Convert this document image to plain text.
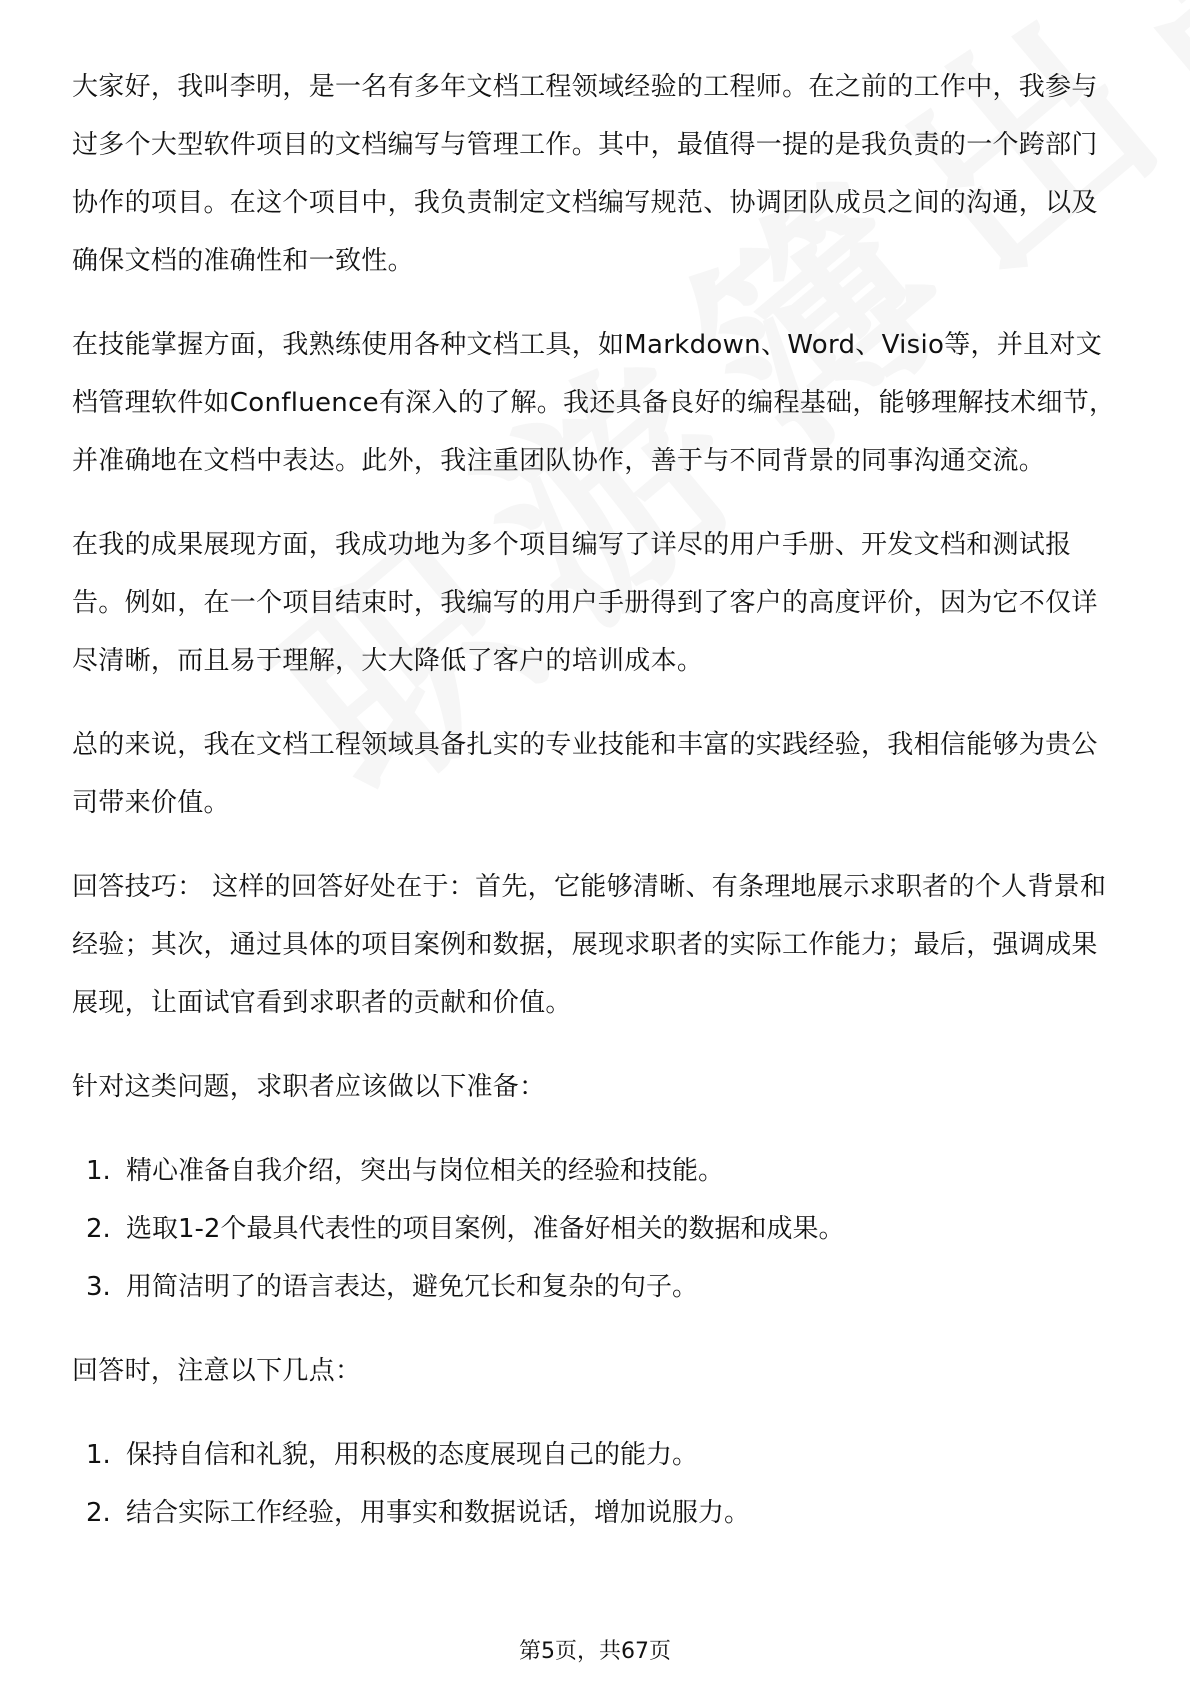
大家好，我叫李明，是一名有多年文档工程领域经验的工程师。在之前的工作中，我参与过多个大型软件项目的文档编写与管理工作。其中，最值得一提的是我负责的一个跨部门协作的项目。在这个项目中，我负责制定文档编写规范、协调团队成员之间的沟通，以及确保文档的准确性和一致性。

在技能掌握方面，我熟练使用各种文档工具，如Markdown、Word、Visio等，并且对文档管理软件如Confluence有深入的了解。我还具备良好的编程基础，能够理解技术细节，并准确地在文档中表达。此外，我注重团队协作，善于与不同背景的同事沟通交流。

在我的成果展现方面，我成功地为多个项目编写了详尽的用户手册、开发文档和测试报告。例如，在一个项目结束时，我编写的用户手册得到了客户的高度评价，因为它不仅详尽清晰，而且易于理解，大大降低了客户的培训成本。

总的来说，我在文档工程领域具备扎实的专业技能和丰富的实践经验，我相信能够为贵公司带来价值。

回答技巧： 这样的回答好处在于：首先，它能够清晰、有条理地展示求职者的个人背景和经验；其次，通过具体的项目案例和数据，展现求职者的实际工作能力；最后，强调成果展现，让面试官看到求职者的贡献和价值。

针对这类问题，求职者应该做以下准备：

1. 精心准备自我介绍，突出与岗位相关的经验和技能。
2. 选取1-2个最具代表性的项目案例，准备好相关的数据和成果。
3. 用简洁明了的语言表达，避免冗长和复杂的句子。

回答时，注意以下几点：

1. 保持自信和礼貌，用积极的态度展现自己的能力。
2. 结合实际工作经验，用事实和数据说话，增加说服力。
第5页，共67页
